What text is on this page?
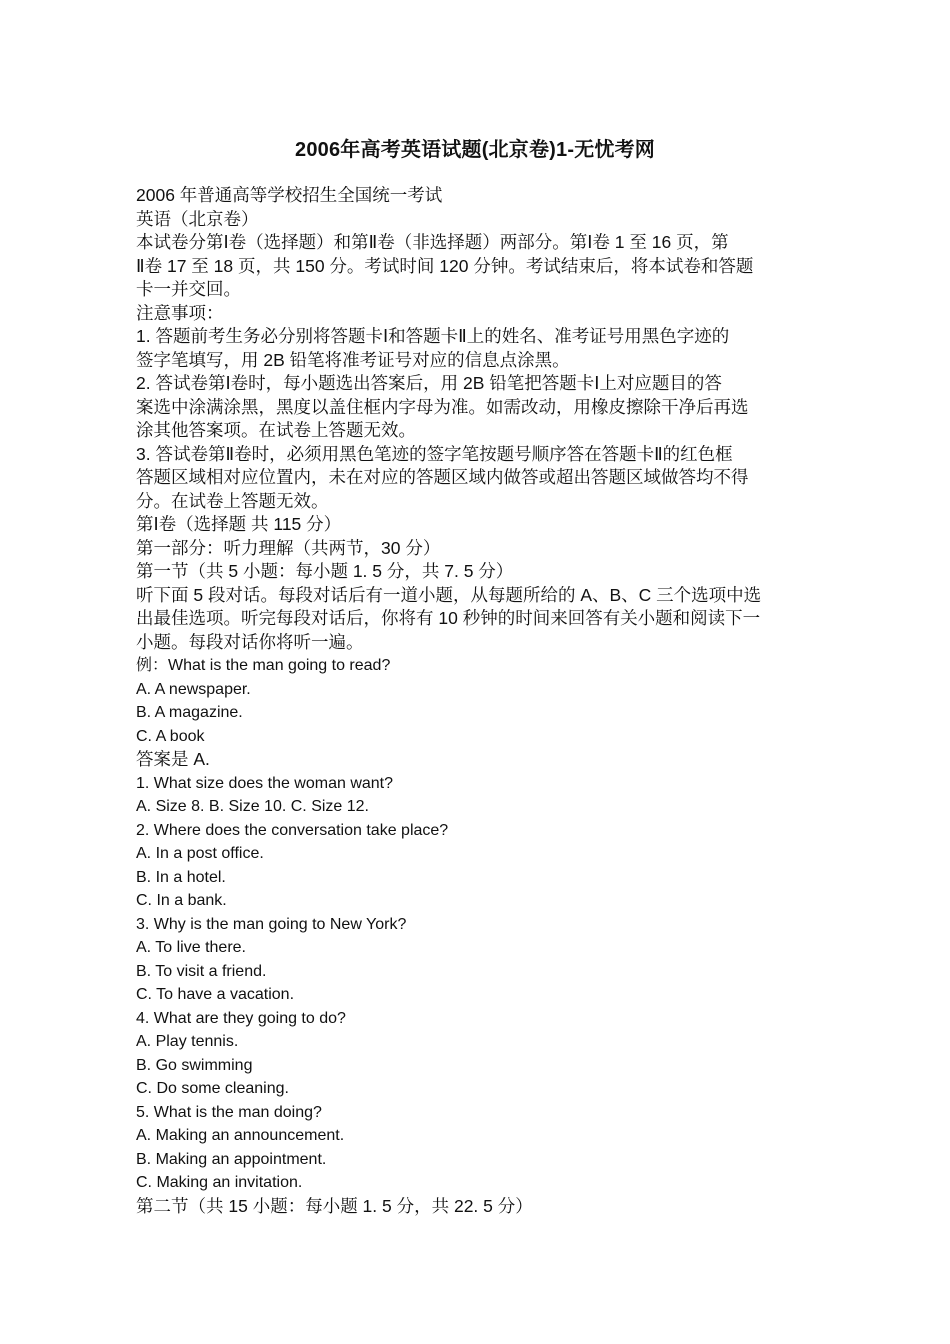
2006年高考英语试题(北京卷)1-无忧考网

2006 年普通高等学校招生全国统一考试

英语（北京卷）

本试卷分第Ⅰ卷（选择题）和第Ⅱ卷（非选择题）两部分。第Ⅰ卷 1 至 16 页，第

Ⅱ卷 17 至 18 页，共 150 分。考试时间 120 分钟。考试结束后，将本试卷和答题

卡一并交回。

注意事项：

1. 答题前考生务必分别将答题卡Ⅰ和答题卡Ⅱ上的姓名、准考证号用黑色字迹的

签字笔填写，用 2B 铅笔将准考证号对应的信息点涂黑。

2. 答试卷第Ⅰ卷时，每小题选出答案后，用 2B 铅笔把答题卡Ⅰ上对应题目的答

案选中涂满涂黑，黑度以盖住框内字母为准。如需改动，用橡皮擦除干净后再选

涂其他答案项。在试卷上答题无效。

3. 答试卷第Ⅱ卷时，必须用黑色笔迹的签字笔按题号顺序答在答题卡Ⅱ的红色框

答题区域相对应位置内，未在对应的答题区域内做答或超出答题区域做答均不得

分。在试卷上答题无效。

第Ⅰ卷（选择题 共 115 分）

第一部分：听力理解（共两节，30 分）

第一节（共 5 小题：每小题 1. 5 分，共 7. 5 分）

听下面 5 段对话。每段对话后有一道小题，从每题所给的 A、B、C 三个选项中选

出最佳选项。听完每段对话后，你将有 10 秒钟的时间来回答有关小题和阅读下一

小题。每段对话你将听一遍。

例：What is the man going to read?

A. A newspaper.

B. A magazine.

C. A book

答案是 A.

1. What size does the woman want?

A. Size 8. B. Size 10. C. Size 12.

2. Where does the conversation take place?

A. In a post office.

B. In a hotel.

C. In a bank.

3. Why is the man going to New York?

A. To live there.

B. To visit a friend.

C. To have a vacation.

4. What are they going to do?

A. Play tennis.

B. Go swimming

C. Do some cleaning.

5. What is the man doing?

A. Making an announcement.

B. Making an appointment.

C. Making an invitation.

第二节（共 15 小题：每小题 1. 5 分，共 22. 5 分）
